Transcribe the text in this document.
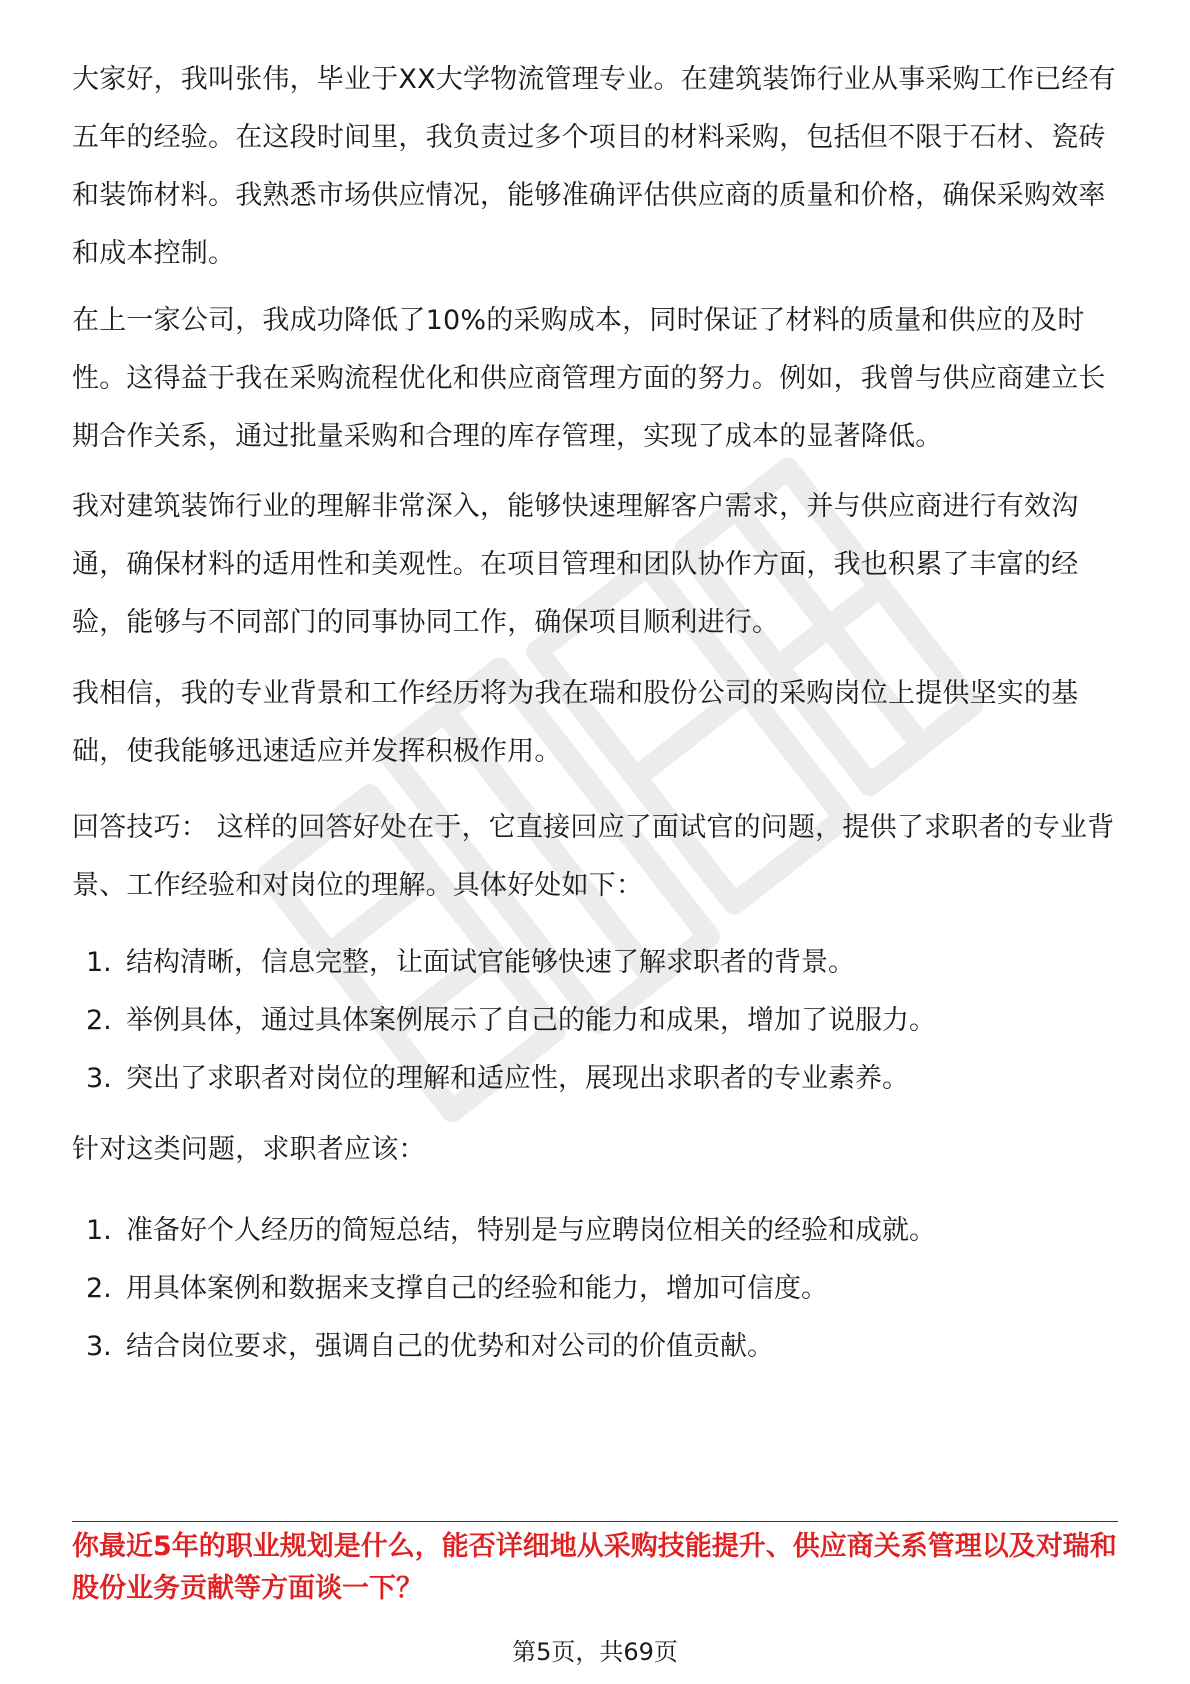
大家好，我叫张伟，毕业于XX大学物流管理专业。在建筑装饰行业从事采购工作已经有五年的经验。在这段时间里，我负责过多个项目的材料采购，包括但不限于石材、瓷砖和装饰材料。我熟悉市场供应情况，能够准确评估供应商的质量和价格，确保采购效率和成本控制。

在上一家公司，我成功降低了10%的采购成本，同时保证了材料的质量和供应的及时性。这得益于我在采购流程优化和供应商管理方面的努力。例如，我曾与供应商建立长期合作关系，通过批量采购和合理的库存管理，实现了成本的显著降低。

我对建筑装饰行业的理解非常深入，能够快速理解客户需求，并与供应商进行有效沟通，确保材料的适用性和美观性。在项目管理和团队协作方面，我也积累了丰富的经验，能够与不同部门的同事协同工作，确保项目顺利进行。

我相信，我的专业背景和工作经历将为我在瑞和股份公司的采购岗位上提供坚实的基础，使我能够迅速适应并发挥积极作用。

回答技巧： 这样的回答好处在于，它直接回应了面试官的问题，提供了求职者的专业背景、工作经验和对岗位的理解。具体好处如下：

1. 结构清晰，信息完整，让面试官能够快速了解求职者的背景。
2. 举例具体，通过具体案例展示了自己的能力和成果，增加了说服力。
3. 突出了求职者对岗位的理解和适应性，展现出求职者的专业素养。

针对这类问题，求职者应该：

1. 准备好个人经历的简短总结，特别是与应聘岗位相关的经验和成就。
2. 用具体案例和数据来支撑自己的经验和能力，增加可信度。
3. 结合岗位要求，强调自己的优势和对公司的价值贡献。

你最近5年的职业规划是什么，能否详细地从采购技能提升、供应商关系管理以及对瑞和股份业务贡献等方面谈一下？

第5页，共69页
